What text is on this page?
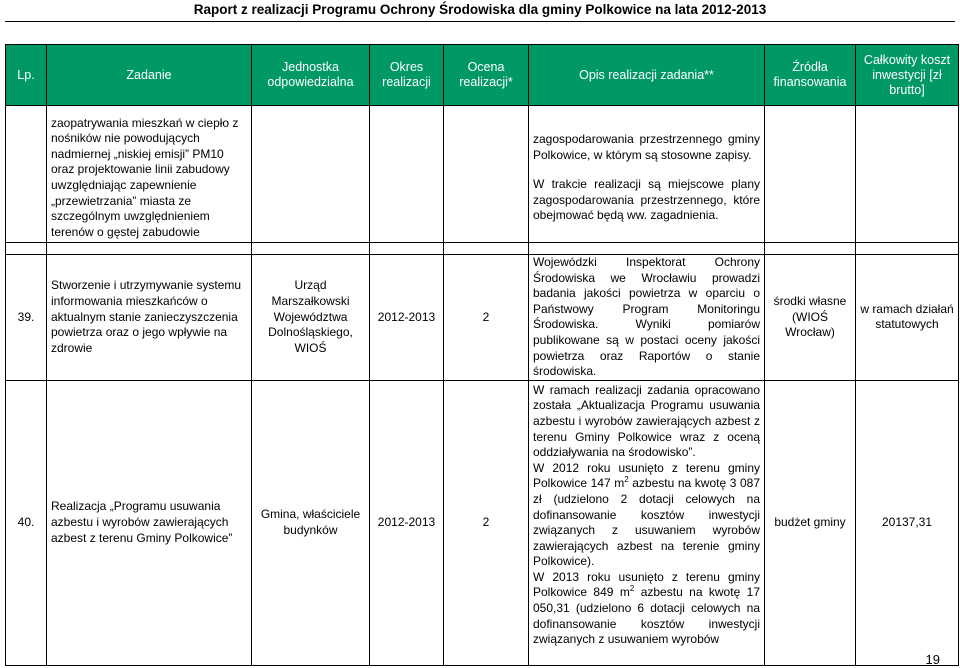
Raport z realizacji Programu Ochrony Środowiska dla gminy Polkowice na lata 2012-2013
Lp.	Zadanie	Jednostka odpowiedzialna	Okres realizacji	Ocena realizacji*	Opis realizacji zadania**	Źródła finansowania	Całkowity koszt inwestycji [zł brutto]
	zaopatrywania mieszkań w ciepło z nośników nie powodujących nadmiernej „niskiej emisji” PM10 oraz projektowanie linii zabudowy uwzględniając zapewnienie „przewietrzania” miasta ze szczególnym uwzględnieniem terenów o gęstej zabudowie				zagospodarowania przestrzennego gminy Polkowice, w którym są stosowne zapisy.

W trakcie realizacji są miejscowe plany zagospodarowania przestrzennego, które obejmować będą ww. zagadnienia.		

39.	Stworzenie i utrzymywanie systemu informowania mieszkańców o aktualnym stanie zanieczyszczenia powietrza oraz o jego wpływie na zdrowie	Urząd Marszałkowski Województwa Dolnośląskiego, WIOŚ	2012-2013	2	Wojewódzki Inspektorat Ochrony Środowiska we Wrocławiu prowadzi badania jakości powietrza w oparciu o Państwowy Program Monitoringu Środowiska. Wyniki pomiarów publikowane są w postaci oceny jakości powietrza oraz Raportów o stanie środowiska.	środki własne (WIOŚ Wrocław)	w ramach działań statutowych
40.	Realizacja „Programu usuwania azbestu i wyrobów zawierających azbest z terenu Gminy Polkowice”	Gmina, właściciele budynków	2012-2013	2	W ramach realizacji zadania opracowano została „Aktualizacja Programu usuwania azbestu i wyrobów zawierających azbest z terenu Gminy Polkowice wraz z oceną oddziaływania na środowisko”.

W 2012 roku usunięto z terenu gminy Polkowice 147 $m^2$ azbestu na kwotę 3 087 zł (udzielono 2 dotacji celowych na dofinansowanie kosztów inwestycji związanych z usuwaniem wyrobów zawierających azbest na terenie gminy Polkowice).

W 2013 roku usunięto z terenu gminy Polkowice 849 $m^2$ azbestu na kwotę 17 050,31 (udzielono 6 dotacji celowych na dofinansowanie kosztów inwestycji związanych z usuwaniem wyrobów	budżet gminy	20137,31
19
